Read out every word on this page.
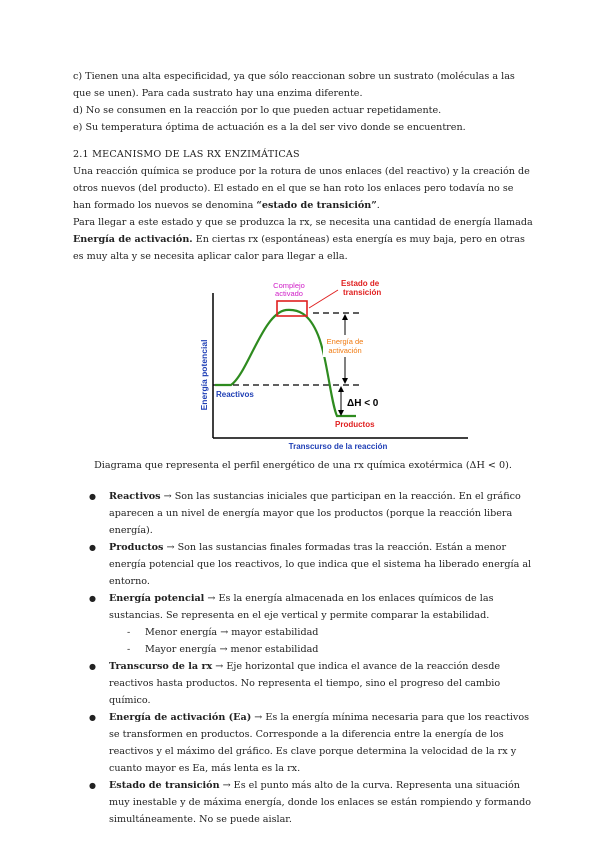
c) Tienen una alta especificidad, ya que sólo reaccionan sobre un sustrato (moléculas a las que se unen). Para cada sustrato hay una enzima diferente.

d) No se consumen en la reacción por lo que pueden actuar repetidamente.

e) Su temperatura óptima de actuación es a la del ser vivo donde se encuentren.

2.1 MECANISMO DE LAS RX ENZIMÁTICAS

Una reacción química se produce por la rotura de unos enlaces (del reactivo) y la creación de otros nuevos (del producto). El estado en el que se han roto los enlaces pero todavía no se han formado los nuevos se denomina “estado de transición”.

Para llegar a este estado y que se produzca la rx, se necesita una cantidad de energía llamada Energía de activación. En ciertas rx (espontáneas) esta energía es muy baja, pero en otras es muy alta y se necesita aplicar calor para llegar a ella.

Energía potencial
Transcurso de la reacción
Complejo
activado
Estado de
transición
Energía de
activación
ΔH < 0
Reactivos
Productos

Diagrama que representa el perfil energético de una rx química exotérmica (ΔH < 0).

● Reactivos → Son las sustancias iniciales que participan en la reacción. En el gráfico aparecen a un nivel de energía mayor que los productos (porque la reacción libera energía).
● Productos → Son las sustancias finales formadas tras la reacción. Están a menor energía potencial que los reactivos, lo que indica que el sistema ha liberado energía al entorno.
● Energía potencial → Es la energía almacenada en los enlaces químicos de las sustancias. Se representa en el eje vertical y permite comparar la estabilidad.
- Menor energía → mayor estabilidad
- Mayor energía → menor estabilidad
● Transcurso de la rx → Eje horizontal que indica el avance de la reacción desde reactivos hasta productos. No representa el tiempo, sino el progreso del cambio químico.
● Energía de activación (Ea) → Es la energía mínima necesaria para que los reactivos se transformen en productos. Corresponde a la diferencia entre la energía de los reactivos y el máximo del gráfico. Es clave porque determina la velocidad de la rx y cuanto mayor es Ea, más lenta es la rx.
● Estado de transición → Es el punto más alto de la curva. Representa una situación muy inestable y de máxima energía, donde los enlaces se están rompiendo y formando simultáneamente. No se puede aislar.
